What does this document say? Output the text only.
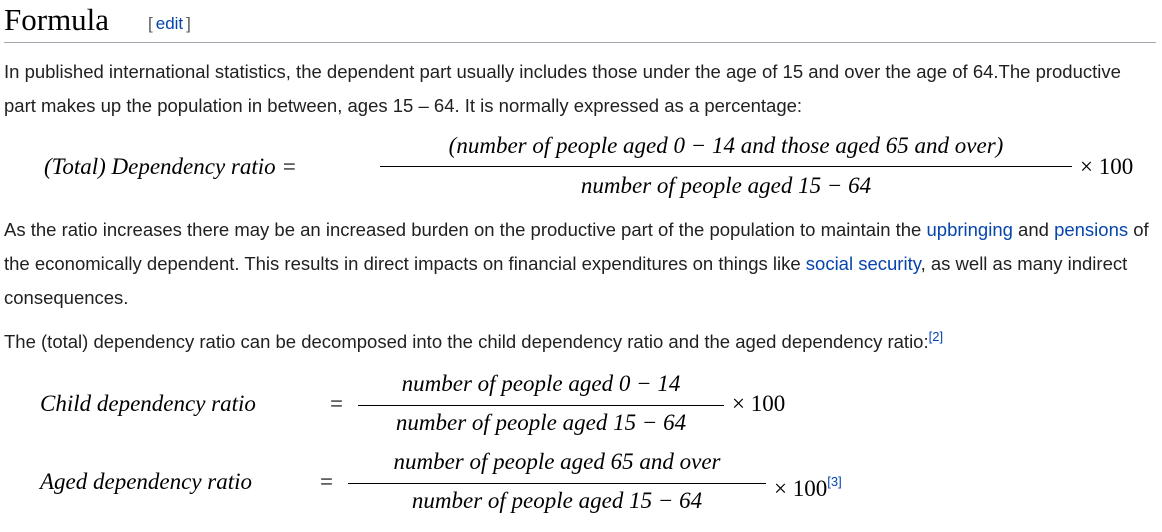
Formula [ edit ]
In published international statistics, the dependent part usually includes those under the age of 15 and over the age of 64.The productive part makes up the population in between, ages 15 – 64. It is normally expressed as a percentage:
(Total) Dependency ratio =
(number of people aged 0 − 14 and those aged 65 and over)
number of people aged 15 − 64
× 100
As the ratio increases there may be an increased burden on the productive part of the population to maintain the upbringing and pensions of the economically dependent. This results in direct impacts on financial expenditures on things like social security, as well as many indirect consequences.
The (total) dependency ratio can be decomposed into the child dependency ratio and the aged dependency ratio:[2]
Child dependency ratio	=
number of people aged 0 − 14
number of people aged 15 − 64
× 100
Aged dependency ratio	=
number of people aged 65 and over
number of people aged 15 − 64	× 100[3]
